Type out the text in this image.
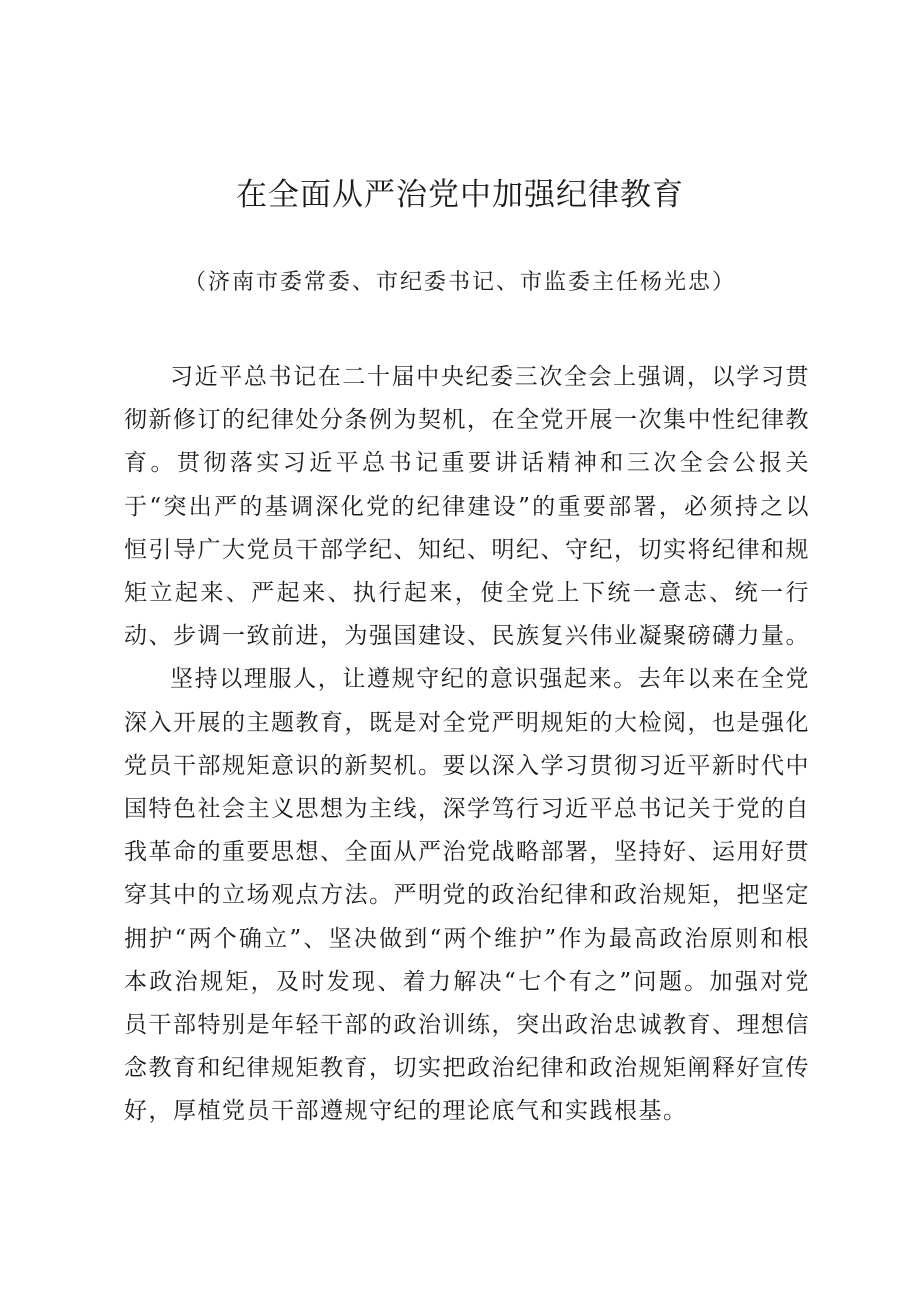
在全面从严治党中加强纪律教育

（济南市委常委、市纪委书记、市监委主任杨光忠）

习近平总书记在二十届中央纪委三次全会上强调，以学习贯彻新修订的纪律处分条例为契机，在全党开展一次集中性纪律教育。贯彻落实习近平总书记重要讲话精神和三次全会公报关于“突出严的基调深化党的纪律建设”的重要部署，必须持之以恒引导广大党员干部学纪、知纪、明纪、守纪，切实将纪律和规矩立起来、严起来、执行起来，使全党上下统一意志、统一行动、步调一致前进，为强国建设、民族复兴伟业凝聚磅礴力量。

坚持以理服人，让遵规守纪的意识强起来。去年以来在全党深入开展的主题教育，既是对全党严明规矩的大检阅，也是强化党员干部规矩意识的新契机。要以深入学习贯彻习近平新时代中国特色社会主义思想为主线，深学笃行习近平总书记关于党的自我革命的重要思想、全面从严治党战略部署，坚持好、运用好贯穿其中的立场观点方法。严明党的政治纪律和政治规矩，把坚定拥护“两个确立”、坚决做到“两个维护”作为最高政治原则和根本政治规矩，及时发现、着力解决“七个有之”问题。加强对党员干部特别是年轻干部的政治训练，突出政治忠诚教育、理想信念教育和纪律规矩教育，切实把政治纪律和政治规矩阐释好宣传好，厚植党员干部遵规守纪的理论底气和实践根基。
